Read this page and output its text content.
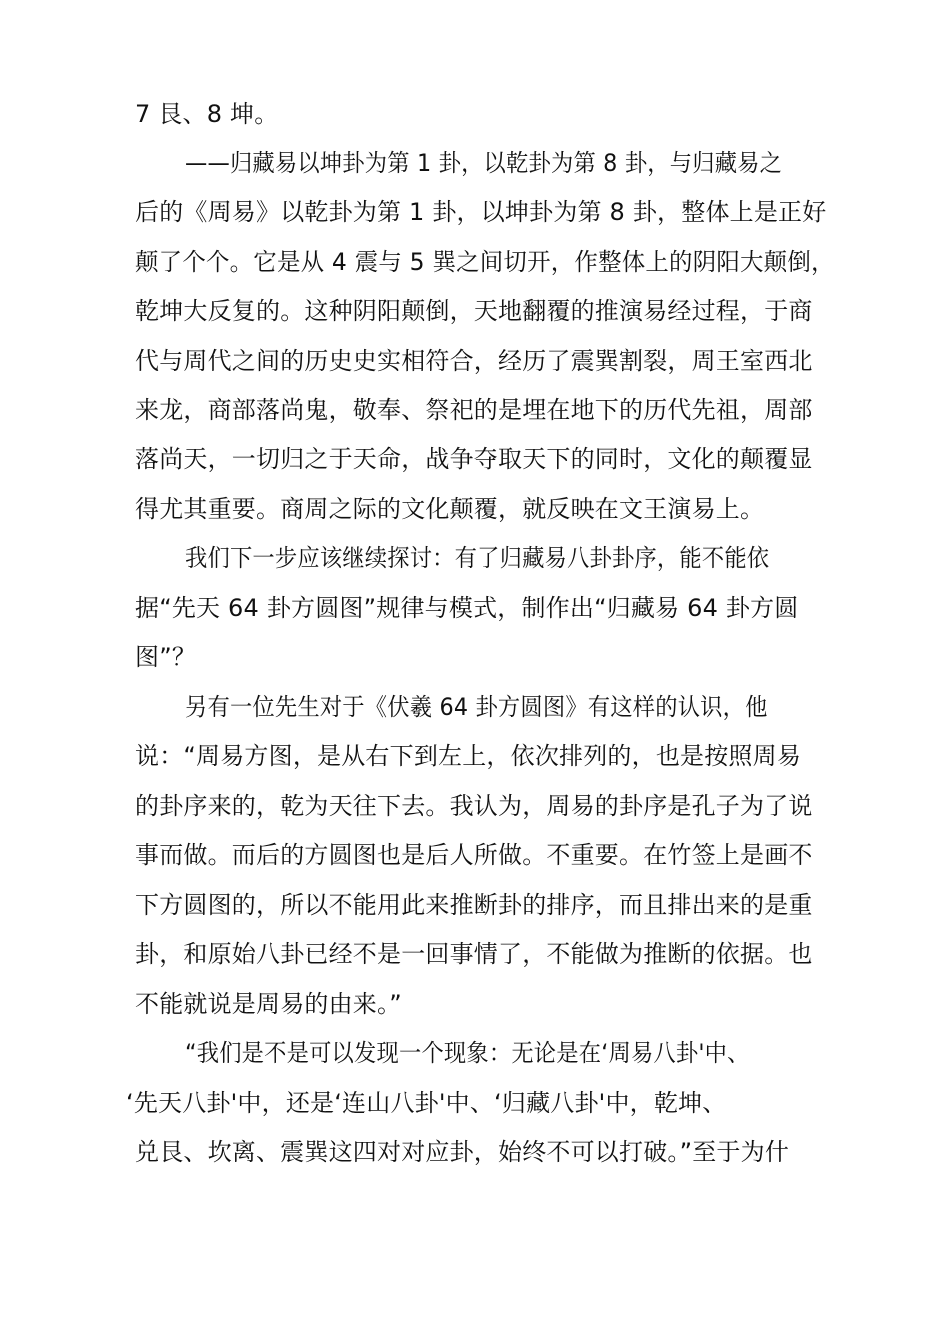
7 艮、8 坤。
——归藏易以坤卦为第 1 卦，以乾卦为第 8 卦，与归藏易之
后的《周易》以乾卦为第 1 卦，以坤卦为第 8 卦，整体上是正好
颠了个个。它是从 4 震与 5 巽之间切开，作整体上的阴阳大颠倒，
乾坤大反复的。这种阴阳颠倒，天地翻覆的推演易经过程，于商
代与周代之间的历史史实相符合，经历了震巽割裂，周王室西北
来龙，商部落尚鬼，敬奉、祭祀的是埋在地下的历代先祖，周部
落尚天，一切归之于天命，战争夺取天下的同时，文化的颠覆显
得尤其重要。商周之际的文化颠覆，就反映在文王演易上。
我们下一步应该继续探讨：有了归藏易八卦卦序，能不能依
据“先天 64 卦方圆图”规律与模式，制作出“归藏易 64 卦方圆
图”？
另有一位先生对于《伏羲 64 卦方圆图》有这样的认识，他
说：“周易方图，是从右下到左上，依次排列的，也是按照周易
的卦序来的，乾为天往下去。我认为，周易的卦序是孔子为了说
事而做。而后的方圆图也是后人所做。不重要。在竹签上是画不
下方圆图的，所以不能用此来推断卦的排序，而且排出来的是重
卦，和原始八卦已经不是一回事情了，不能做为推断的依据。也
不能就说是周易的由来。”
“我们是不是可以发现一个现象：无论是在‘周易八卦'中、
‘先天八卦'中，还是‘连山八卦'中、‘归藏八卦'中，乾坤、
兑艮、坎离、震巽这四对对应卦，始终不可以打破。”至于为什
